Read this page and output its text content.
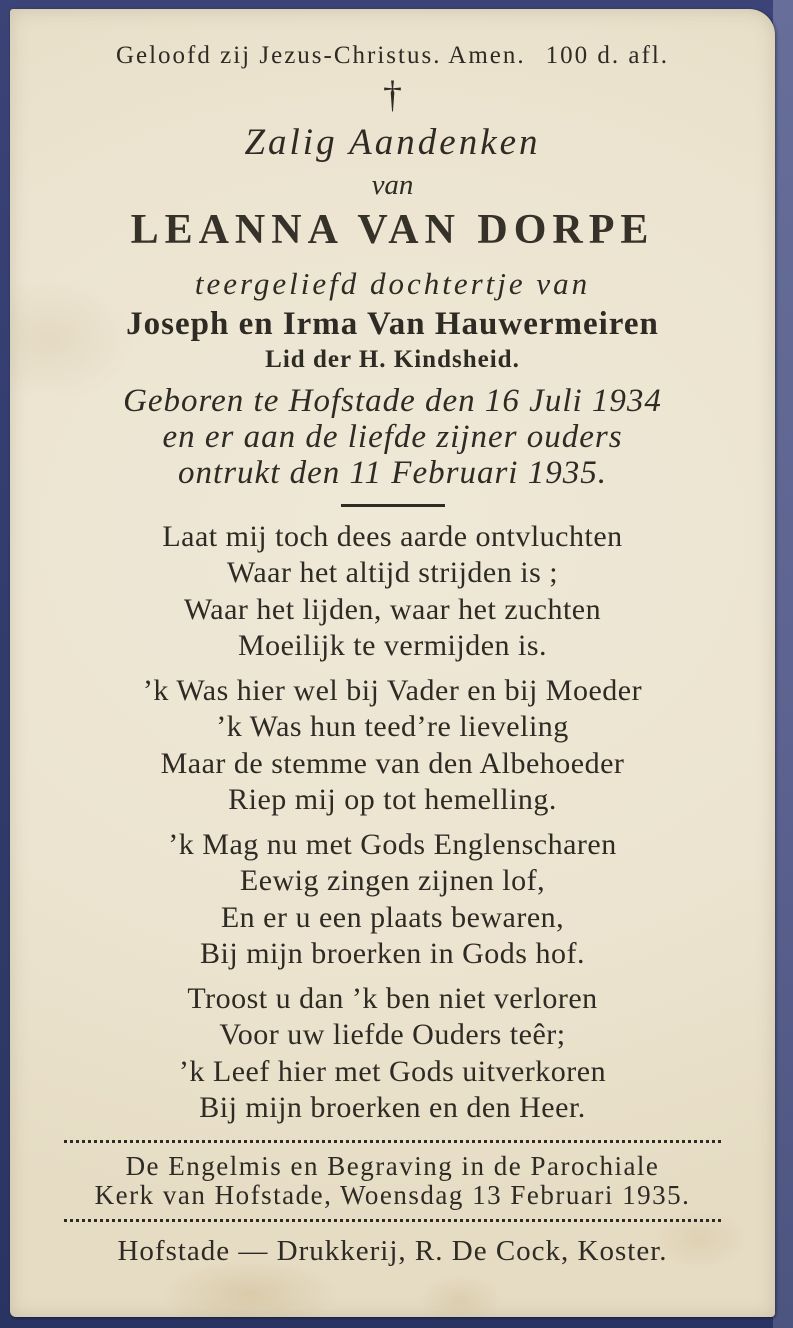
Geloofd zij Jezus-Christus. Amen. 100 d. afl.
†
Zalig Aandenken
van
LEANNA VAN DORPE
teergeliefd dochtertje van
Joseph en Irma Van Hauwermeiren
Lid der H. Kindsheid.
Geboren te Hofstade den 16 Juli 1934
en er aan de liefde zijner ouders
ontrukt den 11 Februari 1935.
Laat mij toch dees aarde ontvluchten
Waar het altijd strijden is ;
Waar het lijden, waar het zuchten
Moeilijk te vermijden is.
’k Was hier wel bij Vader en bij Moeder
’k Was hun teed’re lieveling
Maar de stemme van den Albehoeder
Riep mij op tot hemelling.
’k Mag nu met Gods Englenscharen
Eewig zingen zijnen lof,
En er u een plaats bewaren,
Bij mijn broerken in Gods hof.
Troost u dan ’k ben niet verloren
Voor uw liefde Ouders teêr;
’k Leef hier met Gods uitverkoren
Bij mijn broerken en den Heer.
De Engelmis en Begraving in de Parochiale
Kerk van Hofstade, Woensdag 13 Februari 1935.
Hofstade — Drukkerij, R. De Cock, Koster.
